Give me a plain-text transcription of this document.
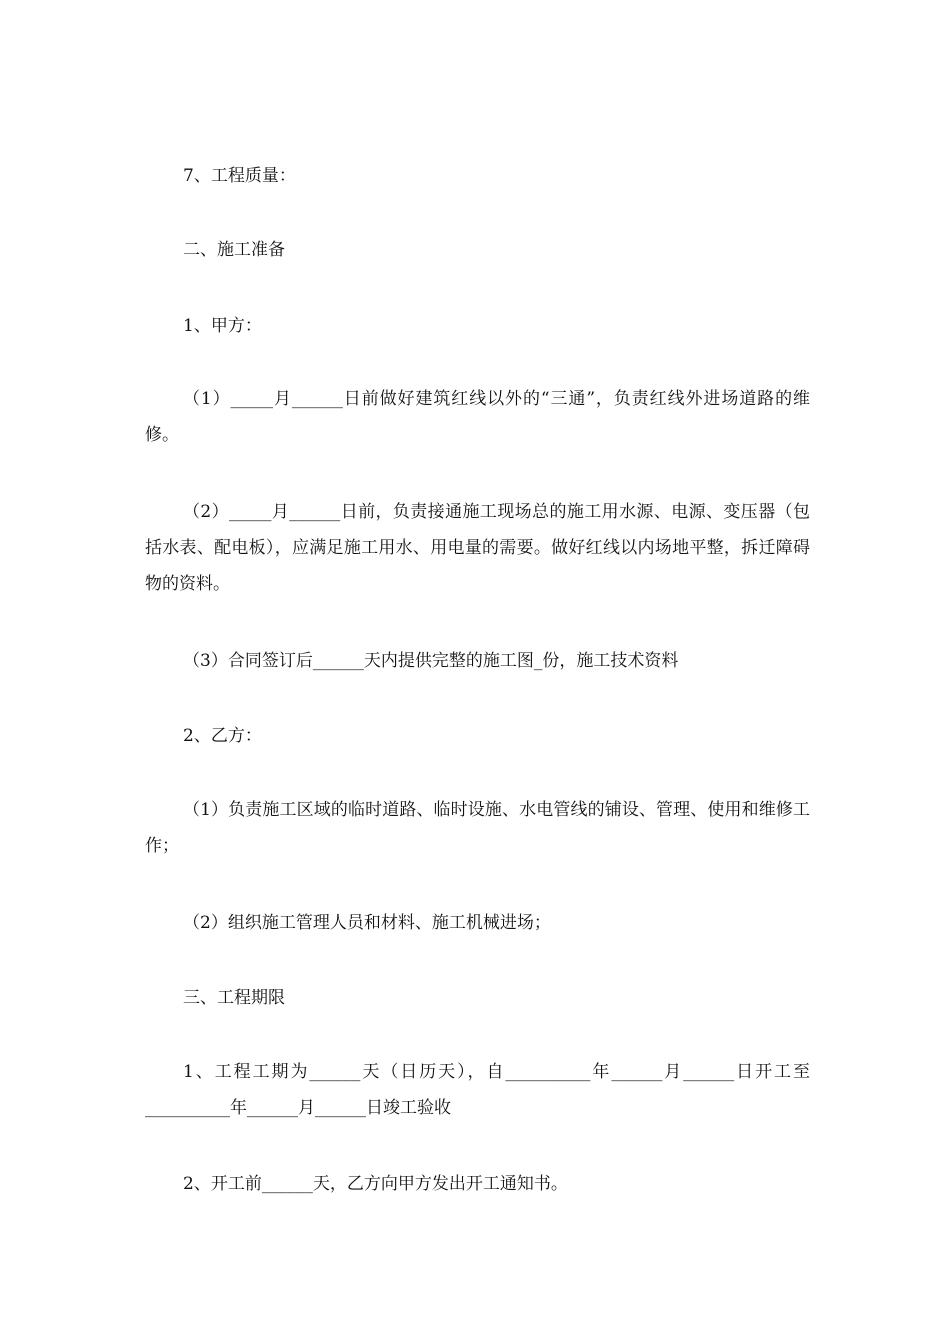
7、工程质量：

二、施工准备

1、甲方：

（1）_____月______日前做好建筑红线以外的“三通”，负责红线外进场道路的维修。

（2）_____月______日前，负责接通施工现场总的施工用水源、电源、变压器（包括水表、配电板），应满足施工用水、用电量的需要。做好红线以内场地平整，拆迁障碍物的资料。

（3）合同签订后______天内提供完整的施工图_份，施工技术资料

2、乙方：

（1）负责施工区域的临时道路、临时设施、水电管线的铺设、管理、使用和维修工作；

（2）组织施工管理人员和材料、施工机械进场；

三、工程期限

1、工程工期为______天（日历天），自__________年______月______日开工至__________年______月______日竣工验收

2、开工前______天，乙方向甲方发出开工通知书。
